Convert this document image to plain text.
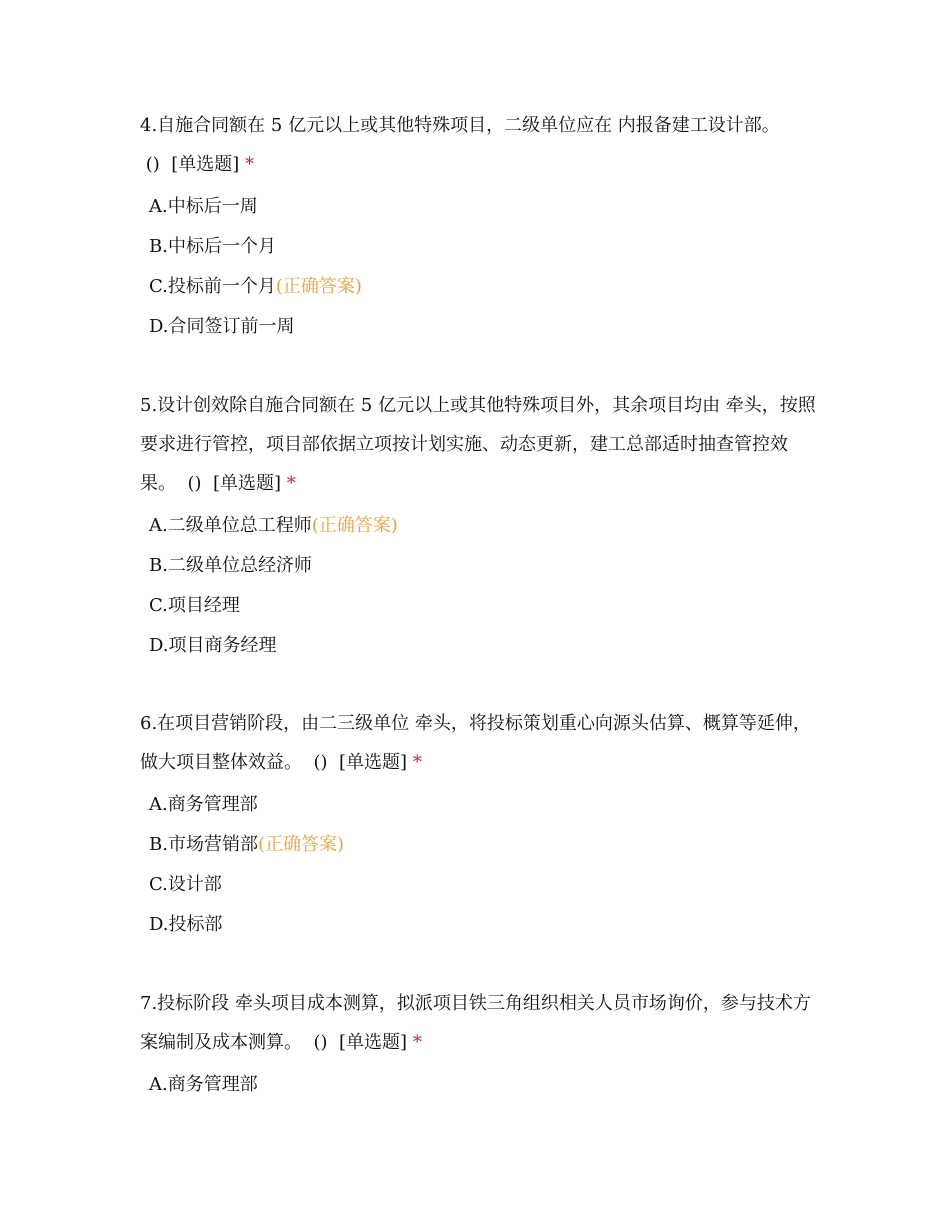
4.自施合同额在 5 亿元以上或其他特殊项目，二级单位应在 内报备建工设计部。
() [单选题] *

A.中标后一周
B.中标后一个月
C.投标前一个月(正确答案)
D.合同签订前一周

5.设计创效除自施合同额在 5 亿元以上或其他特殊项目外，其余项目均由 牵头，按照要求进行管控，项目部依据立项按计划实施、动态更新，建工总部适时抽查管控效果。 () [单选题] *

A.二级单位总工程师(正确答案)
B.二级单位总经济师
C.项目经理
D.项目商务经理

6.在项目营销阶段，由二三级单位 牵头，将投标策划重心向源头估算、概算等延伸，做大项目整体效益。 () [单选题] *

A.商务管理部
B.市场营销部(正确答案)
C.设计部
D.投标部

7.投标阶段 牵头项目成本测算，拟派项目铁三角组织相关人员市场询价，参与技术方案编制及成本测算。 () [单选题] *

A.商务管理部
